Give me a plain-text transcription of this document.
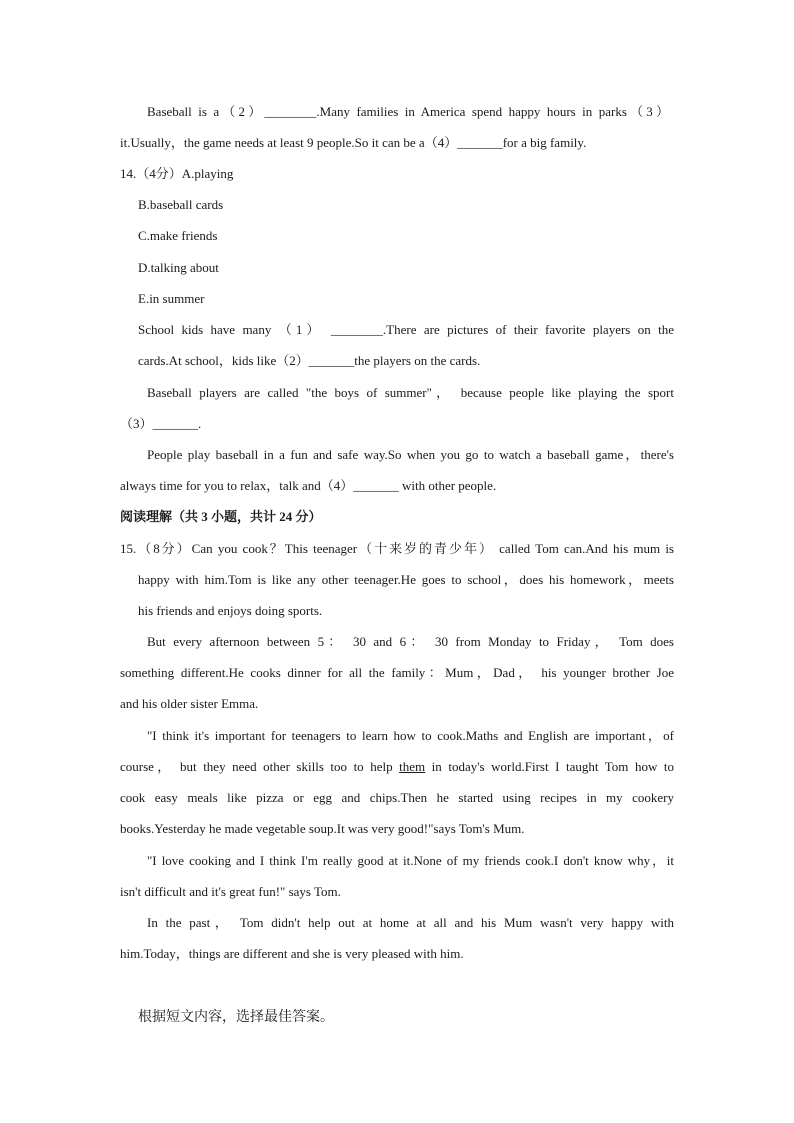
Baseball is a（2）________.Many families in America spend happy hours in parks（3）
it.Usually，the game needs at least 9 people.So it can be a（4）_______for a big family.
14.（4分）A.playing
B.baseball cards
C.make friends
D.talking about
E.in summer
School kids have many （1） ________.There are pictures of their favorite players on the
cards.At school，kids like（2）_______the players on the cards.
Baseball players are called "the boys of summer"， because people like playing the sport
（3）_______.
People play baseball in a fun and safe way.So when you go to watch a baseball game，there's
always time for you to relax，talk and（4）_______ with other people.
阅读理解（共 3 小题，共计 24 分）
15.（8分）Can you cook？This teenager（十来岁的青少年） called Tom can.And his mum is
happy with him.Tom is like any other teenager.He goes to school，does his homework，meets
his friends and enjoys doing sports.
But every afternoon between 5： 30 and 6： 30 from Monday to Friday， Tom does
something different.He cooks dinner for all the family：Mum，Dad， his younger brother Joe
and his older sister Emma.
"I think it's important for teenagers to learn how to cook.Maths and English are important，of
course， but they need other skills too to help them in today's world.First I taught Tom how to
cook easy meals like pizza or egg and chips.Then he started using recipes in my cookery
books.Yesterday he made vegetable soup.It was very good!"says Tom's Mum.
"I love cooking and I think I'm really good at it.None of my friends cook.I don't know why，it
isn't difficult and it's great fun!" says Tom.
In the past， Tom didn't help out at home at all and his Mum wasn't very happy with
him.Today，things are different and she is very pleased with him.
根据短文内容，选择最佳答案。
